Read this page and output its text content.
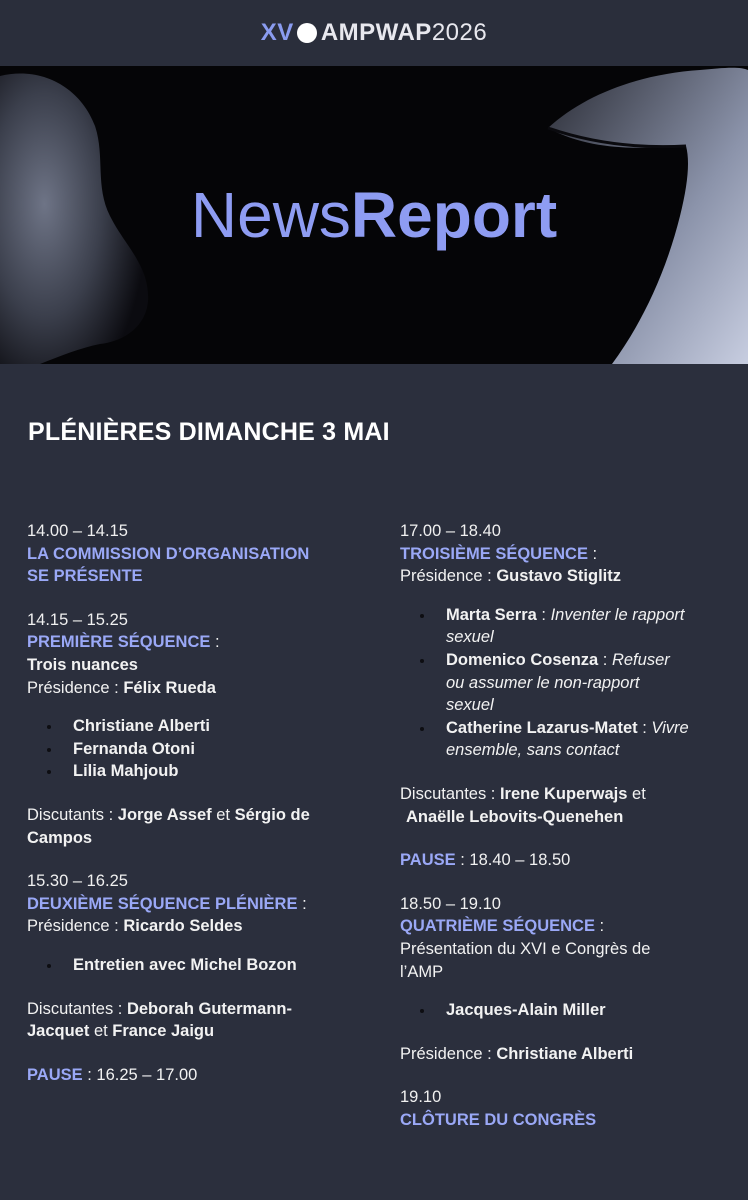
XV AMPWAP 2026
NewsReport
PLÉNIÈRES DIMANCHE 3 MAI
14.00 – 14.15
LA COMMISSION D’ORGANISATION
SE PRÉSENTE
14.15 – 15.25
PREMIÈRE SÉQUENCE :
Trois nuances
Présidence : Félix Rueda
Christiane Alberti
Fernanda Otoni
Lilia Mahjoub
Discutants : Jorge Assef et Sérgio de
Campos
15.30 – 16.25
DEUXIÈME SÉQUENCE PLÉNIÈRE :
Présidence : Ricardo Seldes
Entretien avec Michel Bozon
Discutantes : Deborah Gutermann-
Jacquet et France Jaigu
PAUSE : 16.25 – 17.00
17.00 – 18.40
TROISIÈME SÉQUENCE :
Présidence : Gustavo Stiglitz
Marta Serra : Inventer le rapport
sexuel
Domenico Cosenza : Refuser
ou assumer le non-rapport
sexuel
Catherine Lazarus-Matet : Vivre
ensemble, sans contact
Discutantes : Irene Kuperwajs et
Anaëlle Lebovits-Quenehen
PAUSE : 18.40 – 18.50
18.50 – 19.10
QUATRIÈME SÉQUENCE :
Présentation du XVI e Congrès de
l’AMP
Jacques-Alain Miller
Présidence : Christiane Alberti
19.10
CLÔTURE DU CONGRÈS
